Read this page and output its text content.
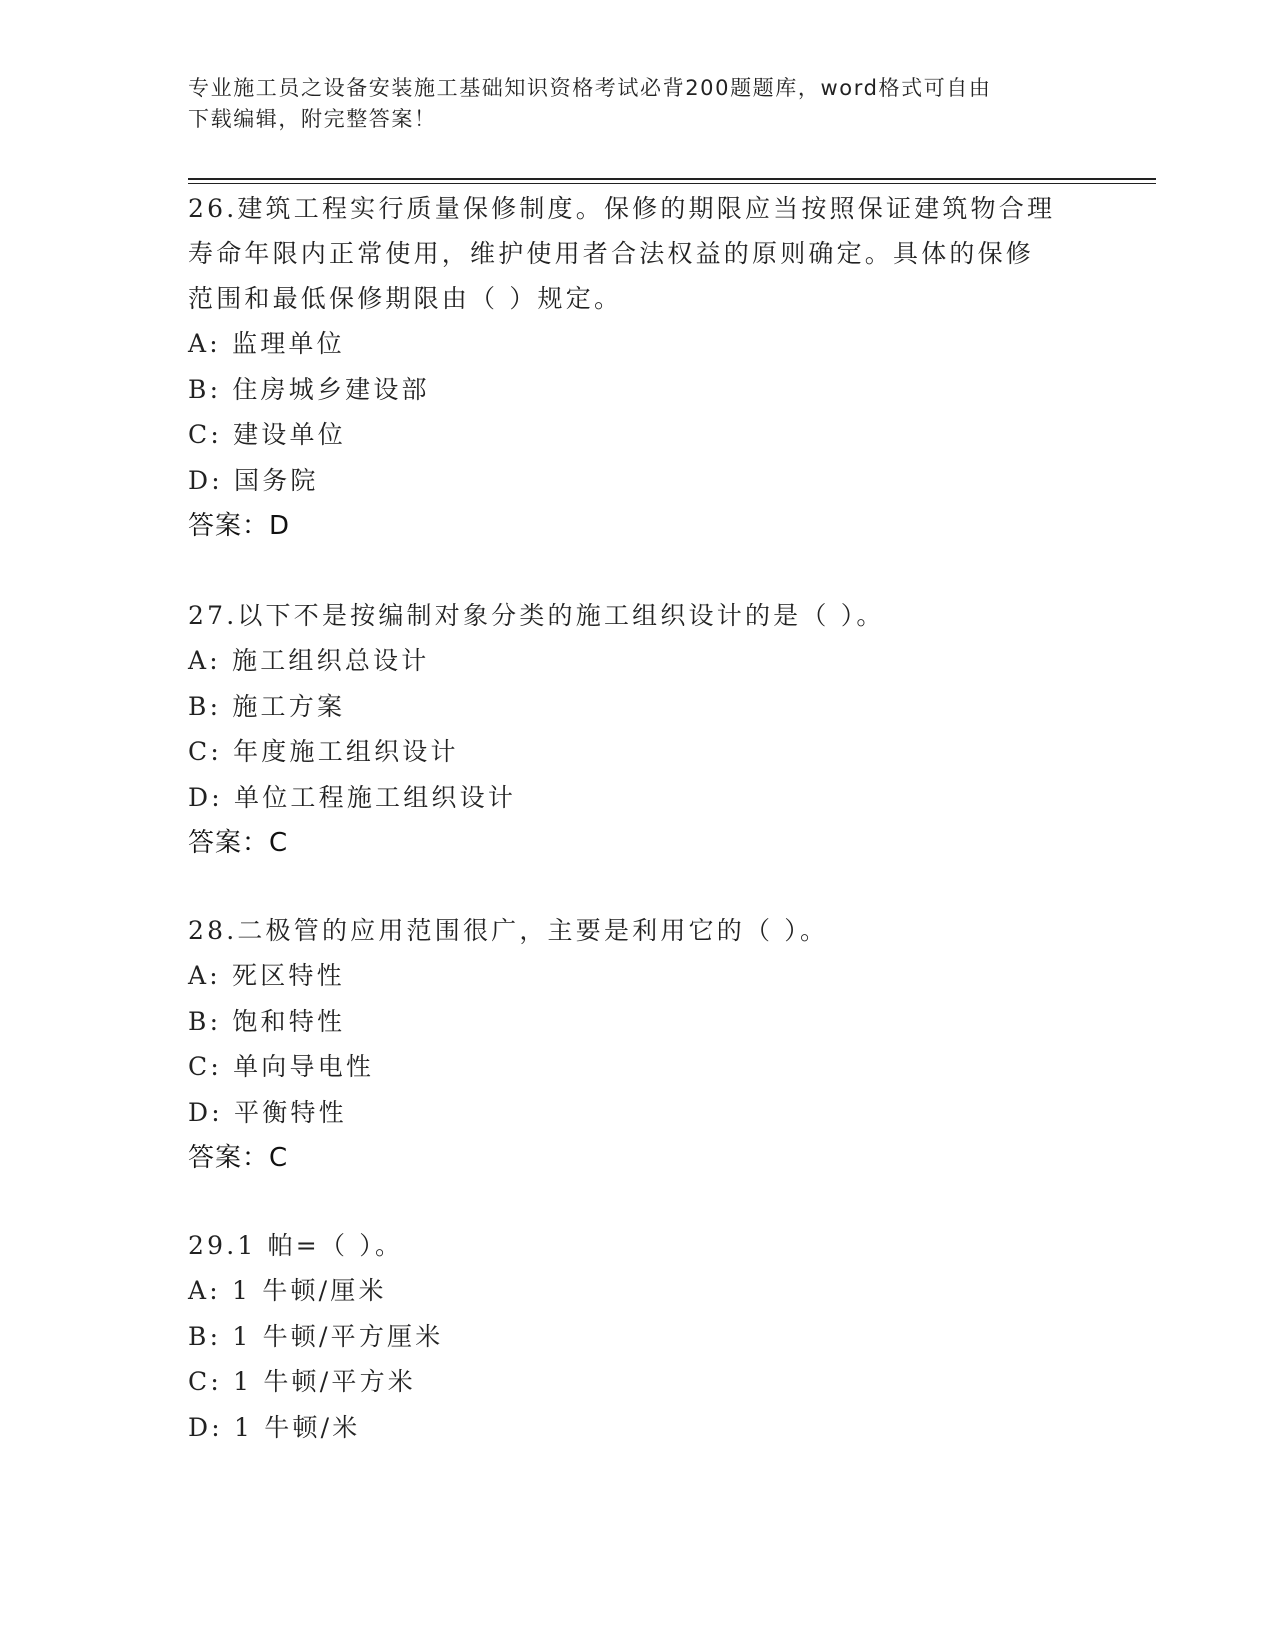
专业施工员之设备安装施工基础知识资格考试必背200题题库，word格式可自由
下载编辑，附完整答案！

26.建筑工程实行质量保修制度。保修的期限应当按照保证建筑物合理

寿命年限内正常使用，维护使用者合法权益的原则确定。具体的保修

范围和最低保修期限由（ ）规定。

A: 监理单位

B: 住房城乡建设部

C: 建设单位

D: 国务院

答案：D

27.以下不是按编制对象分类的施工组织设计的是（ ）。

A: 施工组织总设计

B: 施工方案

C: 年度施工组织设计

D: 单位工程施工组织设计

答案：C

28.二极管的应用范围很广，主要是利用它的（ ）。

A: 死区特性

B: 饱和特性

C: 单向导电性

D: 平衡特性

答案：C

29.1 帕=（ ）。

A: 1 牛顿/厘米

B: 1 牛顿/平方厘米

C: 1 牛顿/平方米

D: 1 牛顿/米
